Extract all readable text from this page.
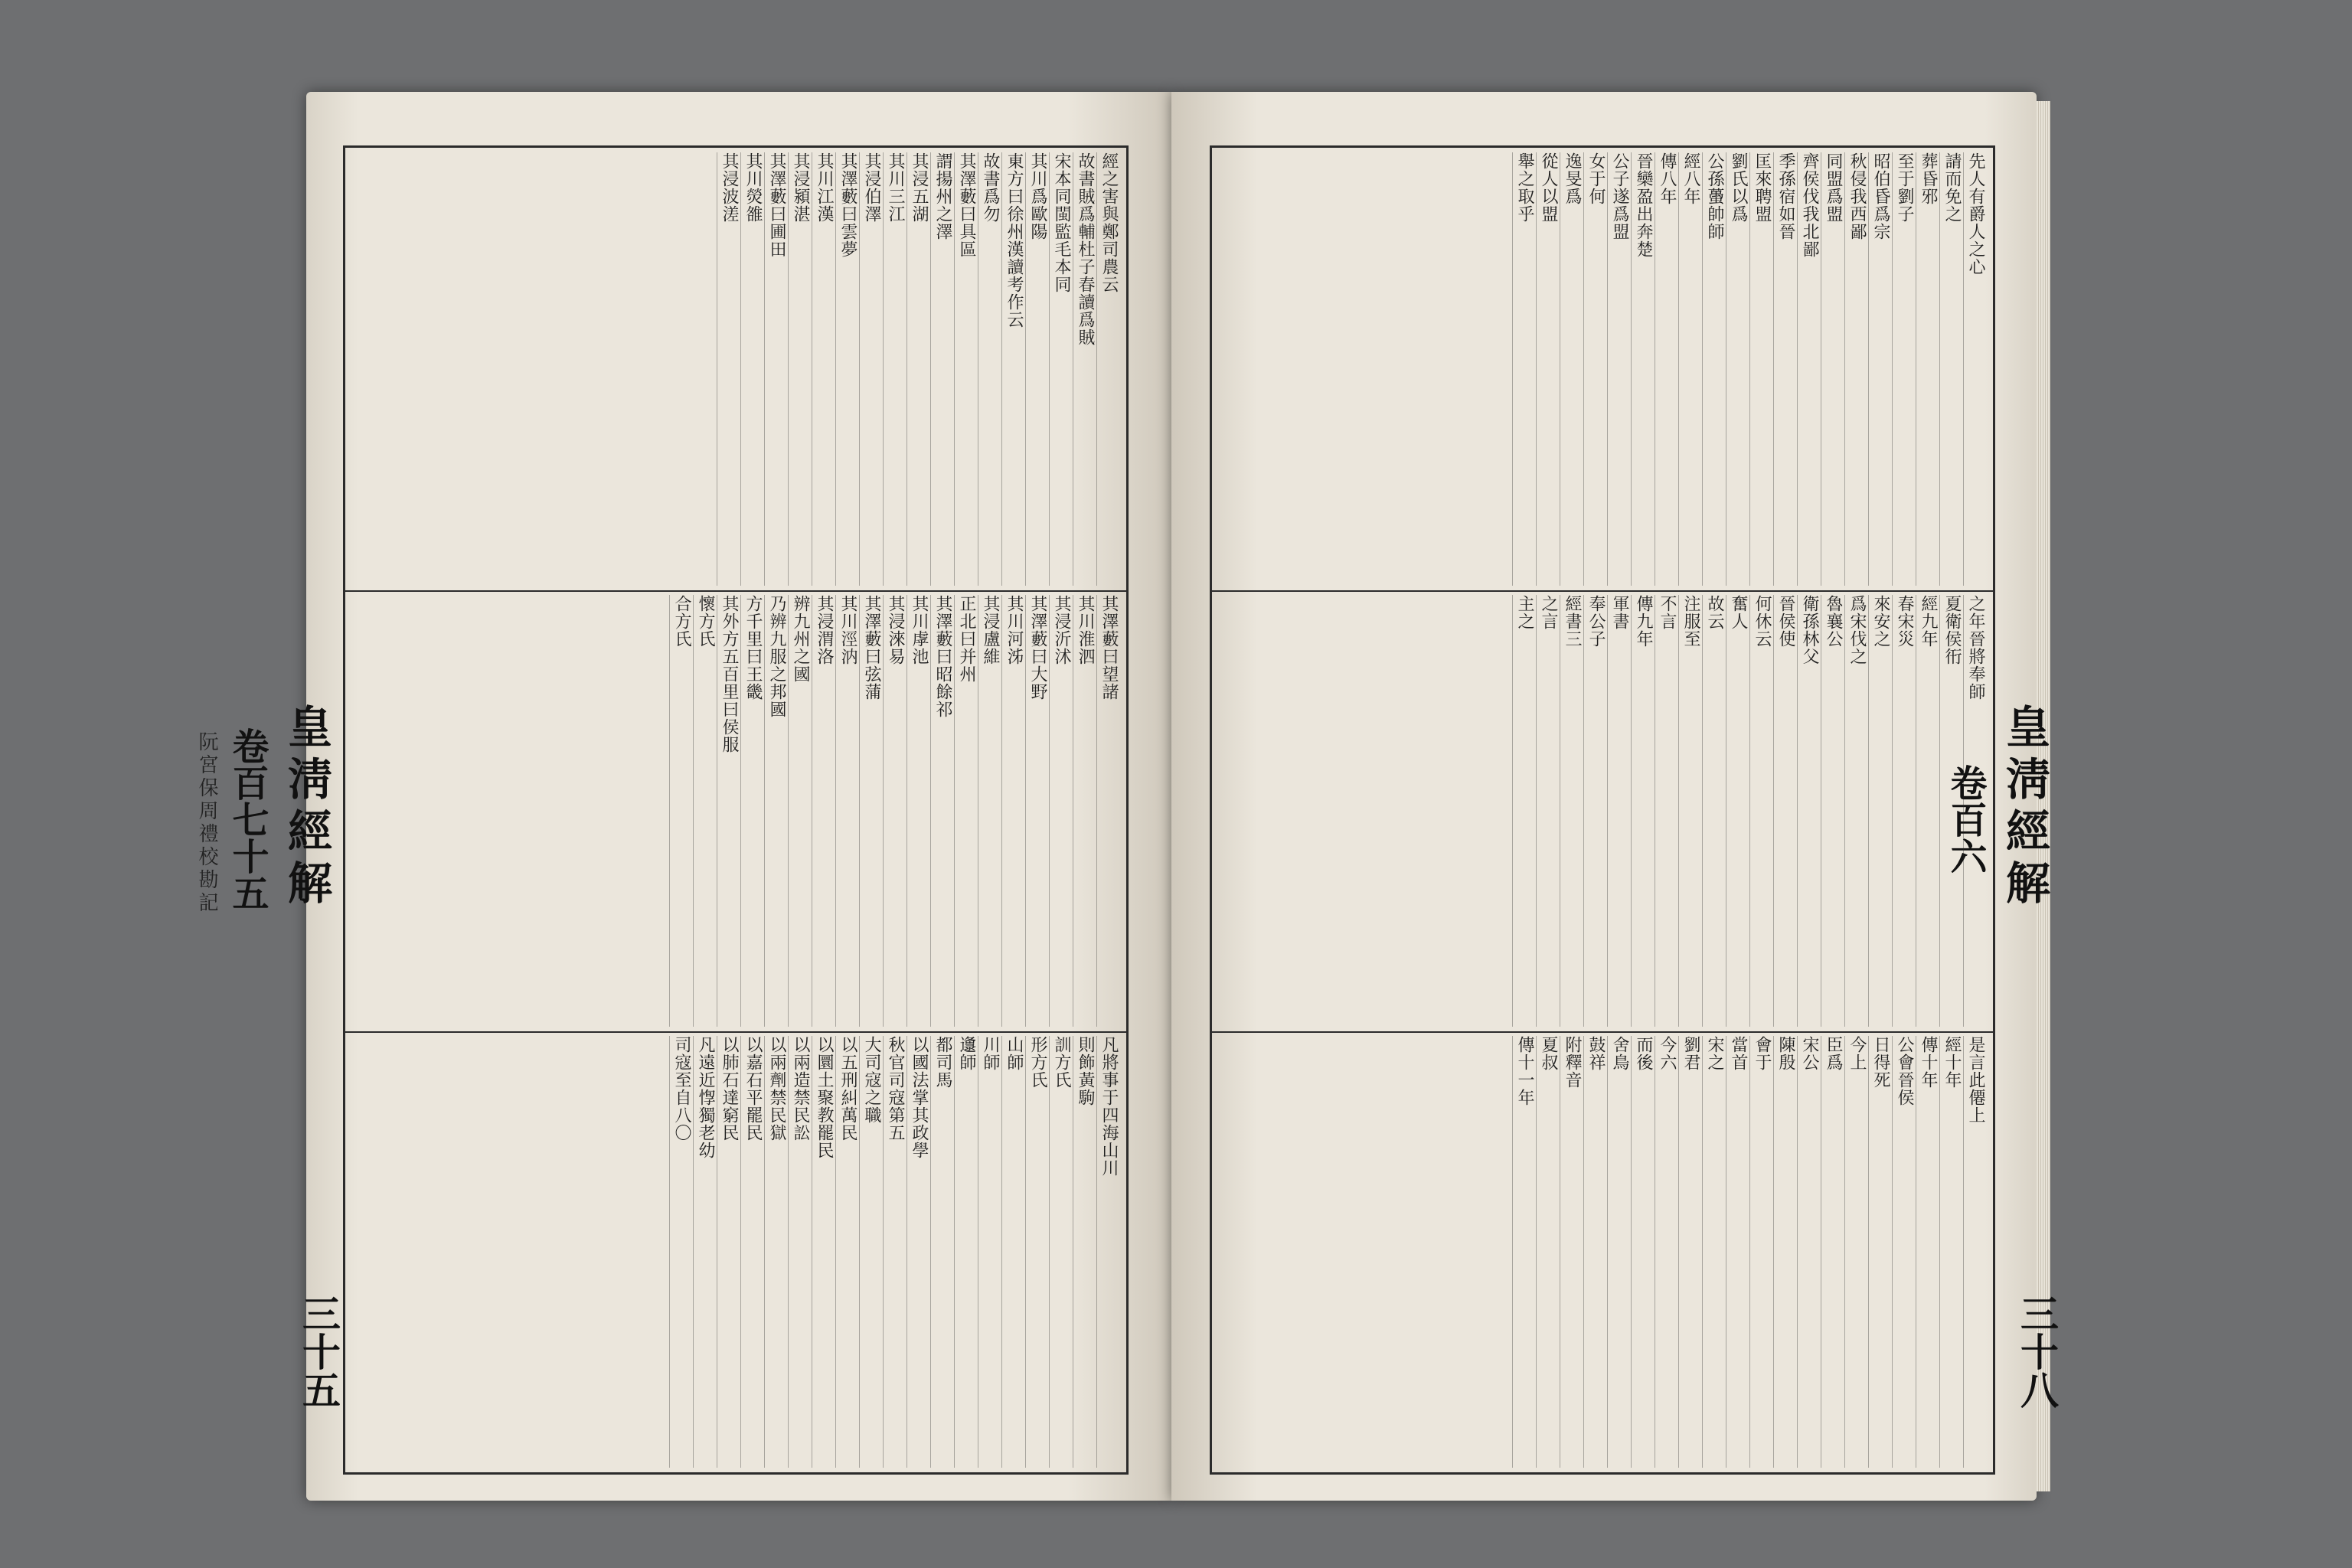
皇淸經解
卷百七十五
阮宮保周禮校勘記
三十五
經之害與鄭司農云
故書賊爲輔杜子春讀爲賊
宋本同閩監毛本同
其川爲歐陽
東方曰徐州漢讀考作云
故書爲勿
其澤藪曰具區
謂揚州之澤
其浸五湖
其川三江
其浸伯澤
其澤藪曰雲夢
其川江漢
其浸潁湛
其澤藪曰圃田
其川熒雒
其浸波溠
其澤藪曰望諸
其川淮泗
其浸沂沭
其澤藪曰大野
其川河泲
其浸盧維
正北曰并州
其澤藪曰昭餘祁
其川虖池
其浸淶易
其澤藪曰弦蒲
其川涇汭
其浸渭洛
辨九州之國
乃辨九服之邦國
方千里曰王畿
其外方五百里曰侯服
懷方氏
合方氏
凡將事于四海山川
則飾黃駒
訓方氏
形方氏
山師
川師
邍師
都司馬
以國法掌其政學
秋官司寇第五
大司寇之職
以五刑糾萬民
以圜土聚教罷民
以兩造禁民訟
以兩劑禁民獄
以嘉石平罷民
以肺石達窮民
凡遠近惸獨老幼
司寇至自八〇
皇淸經解
卷百六
三十八
先人有爵人之心
請而免之
葬昏邪
至于劉子
昭伯昏爲宗
秋侵我西鄙
同盟爲盟
齊侯伐我北鄙
季孫宿如晉
匡來聘盟
劉氏以爲
公孫蠆帥師
經八年
傳八年
晉欒盈出奔楚
公子遂爲盟
女于何
逸旻爲
從人以盟
舉之取乎
之年晉將奉師
夏衛侯衎
經九年
春宋災
來安之
爲宋伐之
魯襄公
衛孫林父
晉侯使
何休云
奮人
故云
注服至
不言
傳九年
軍書
奉公子
經書三
之言
主之
是言此僊上
經十年
傳十年
公會晉侯
日得死
今上
臣爲
宋公
陳殷
會于
當首
宋之
劉君
今六
而後
舍鳥
鼓祥
附釋音
夏叔
傳十一年
